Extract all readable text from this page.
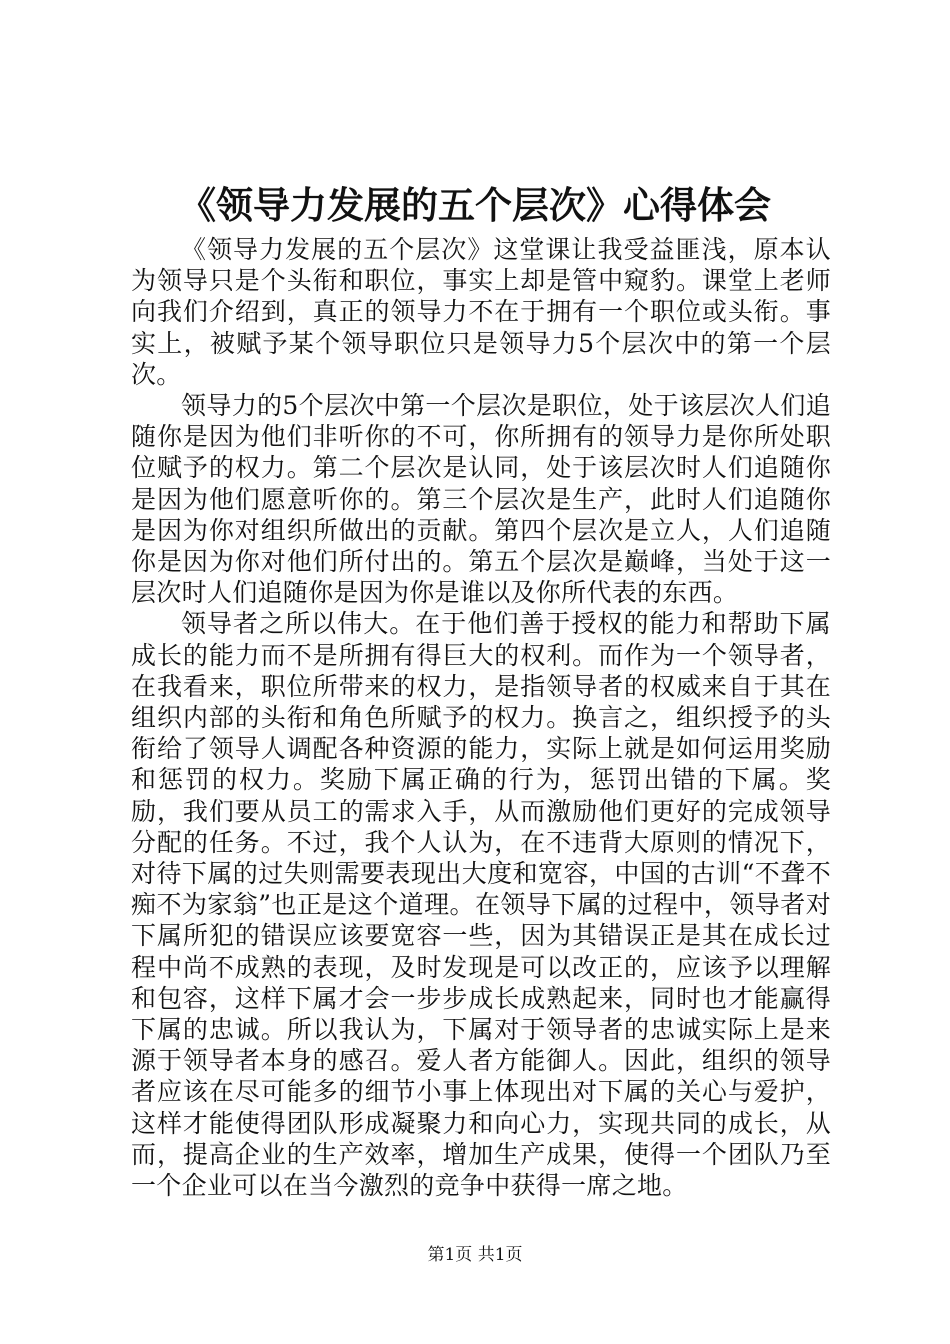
《领导力发展的五个层次》心得体会

《领导力发展的五个层次》这堂课让我受益匪浅，原本认为领导只是个头衔和职位，事实上却是管中窥豹。课堂上老师向我们介绍到，真正的领导力不在于拥有一个职位或头衔。事实上，被赋予某个领导职位只是领导力5个层次中的第一个层次。

领导力的5个层次中第一个层次是职位，处于该层次人们追随你是因为他们非听你的不可，你所拥有的领导力是你所处职位赋予的权力。第二个层次是认同，处于该层次时人们追随你是因为他们愿意听你的。第三个层次是生产，此时人们追随你是因为你对组织所做出的贡献。第四个层次是立人，人们追随你是因为你对他们所付出的。第五个层次是巅峰，当处于这一层次时人们追随你是因为你是谁以及你所代表的东西。

领导者之所以伟大。在于他们善于授权的能力和帮助下属成长的能力而不是所拥有得巨大的权利。而作为一个领导者，在我看来，职位所带来的权力，是指领导者的权威来自于其在组织内部的头衔和角色所赋予的权力。换言之，组织授予的头衔给了领导人调配各种资源的能力，实际上就是如何运用奖励和惩罚的权力。奖励下属正确的行为，惩罚出错的下属。奖励，我们要从员工的需求入手，从而激励他们更好的完成领导分配的任务。不过，我个人认为，在不违背大原则的情况下，对待下属的过失则需要表现出大度和宽容，中国的古训“不聋不痴不为家翁”也正是这个道理。在领导下属的过程中，领导者对下属所犯的错误应该要宽容一些，因为其错误正是其在成长过程中尚不成熟的表现，及时发现是可以改正的，应该予以理解和包容，这样下属才会一步步成长成熟起来，同时也才能赢得下属的忠诚。所以我认为，下属对于领导者的忠诚实际上是来源于领导者本身的感召。爱人者方能御人。因此，组织的领导者应该在尽可能多的细节小事上体现出对下属的关心与爱护，这样才能使得团队形成凝聚力和向心力，实现共同的成长，从而，提高企业的生产效率，增加生产成果，使得一个团队乃至一个企业可以在当今激烈的竞争中获得一席之地。

第1页 共1页
